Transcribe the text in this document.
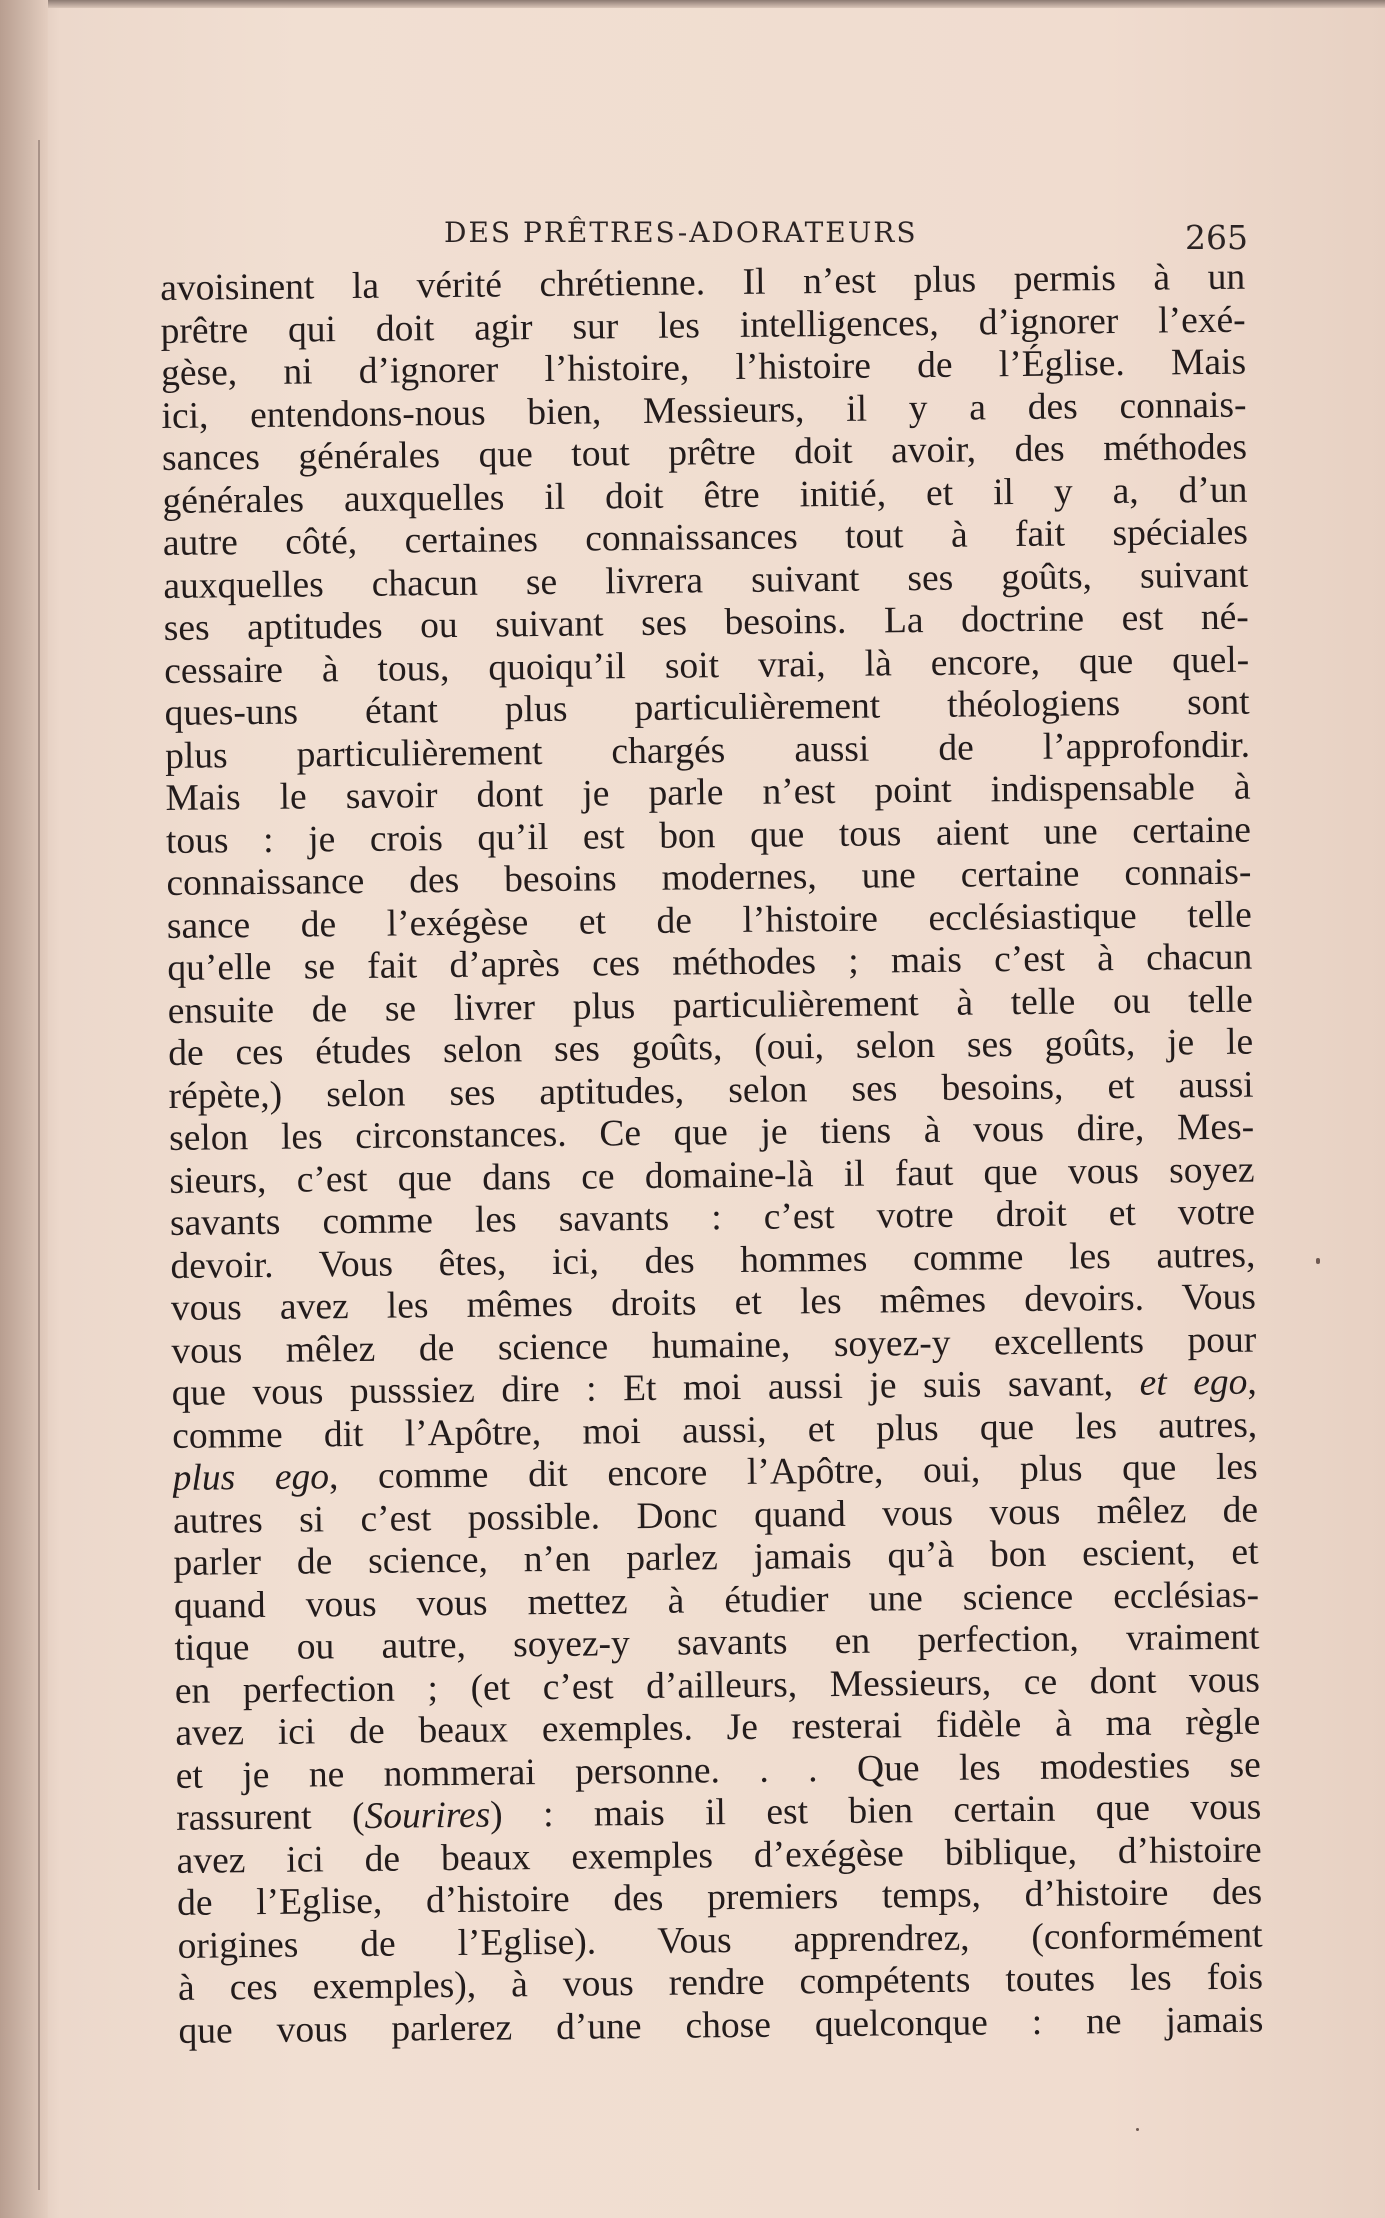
DES PRÊTRES-ADORATEURS	265
avoisinent la vérité chrétienne. Il n’est plus permis à un
prêtre qui doit agir sur les intelligences, d’ignorer l’exé-
gèse, ni d’ignorer l’histoire, l’histoire de l’Église. Mais
ici, entendons-nous bien, Messieurs, il y a des connais-
sances générales que tout prêtre doit avoir, des méthodes
générales auxquelles il doit être initié, et il y a, d’un
autre côté, certaines connaissances tout à fait spéciales
auxquelles chacun se livrera suivant ses goûts, suivant
ses aptitudes ou suivant ses besoins. La doctrine est né-
cessaire à tous, quoiqu’il soit vrai, là encore, que quel-
ques-uns étant plus particulièrement théologiens sont
plus particulièrement chargés aussi de l’approfondir.
Mais le savoir dont je parle n’est point indispensable à
tous : je crois qu’il est bon que tous aient une certaine
connaissance des besoins modernes, une certaine connais-
sance de l’exégèse et de l’histoire ecclésiastique telle
qu’elle se fait d’après ces méthodes ; mais c’est à chacun
ensuite de se livrer plus particulièrement à telle ou telle
de ces études selon ses goûts, (oui, selon ses goûts, je le
répète,) selon ses aptitudes, selon ses besoins, et aussi
selon les circonstances. Ce que je tiens à vous dire, Mes-
sieurs, c’est que dans ce domaine-là il faut que vous soyez
savants comme les savants : c’est votre droit et votre
devoir. Vous êtes, ici, des hommes comme les autres,
vous avez les mêmes droits et les mêmes devoirs. Vous
vous mêlez de science humaine, soyez-y excellents pour
que vous pusssiez dire : Et moi aussi je suis savant, et ego,
comme dit l’Apôtre, moi aussi, et plus que les autres,
plus ego, comme dit encore l’Apôtre, oui, plus que les
autres si c’est possible. Donc quand vous vous mêlez de
parler de science, n’en parlez jamais qu’à bon escient, et
quand vous vous mettez à étudier une science ecclésias-
tique ou autre, soyez-y savants en perfection, vraiment
en perfection ; (et c’est d’ailleurs, Messieurs, ce dont vous
avez ici de beaux exemples. Je resterai fidèle à ma règle
et je ne nommerai personne. . . Que les modesties se
rassurent (Sourires) : mais il est bien certain que vous
avez ici de beaux exemples d’exégèse biblique, d’histoire
de l’Eglise, d’histoire des premiers temps, d’histoire des
origines de l’Eglise). Vous apprendrez, (conformément
à ces exemples), à vous rendre compétents toutes les fois
que vous parlerez d’une chose quelconque : ne jamais
